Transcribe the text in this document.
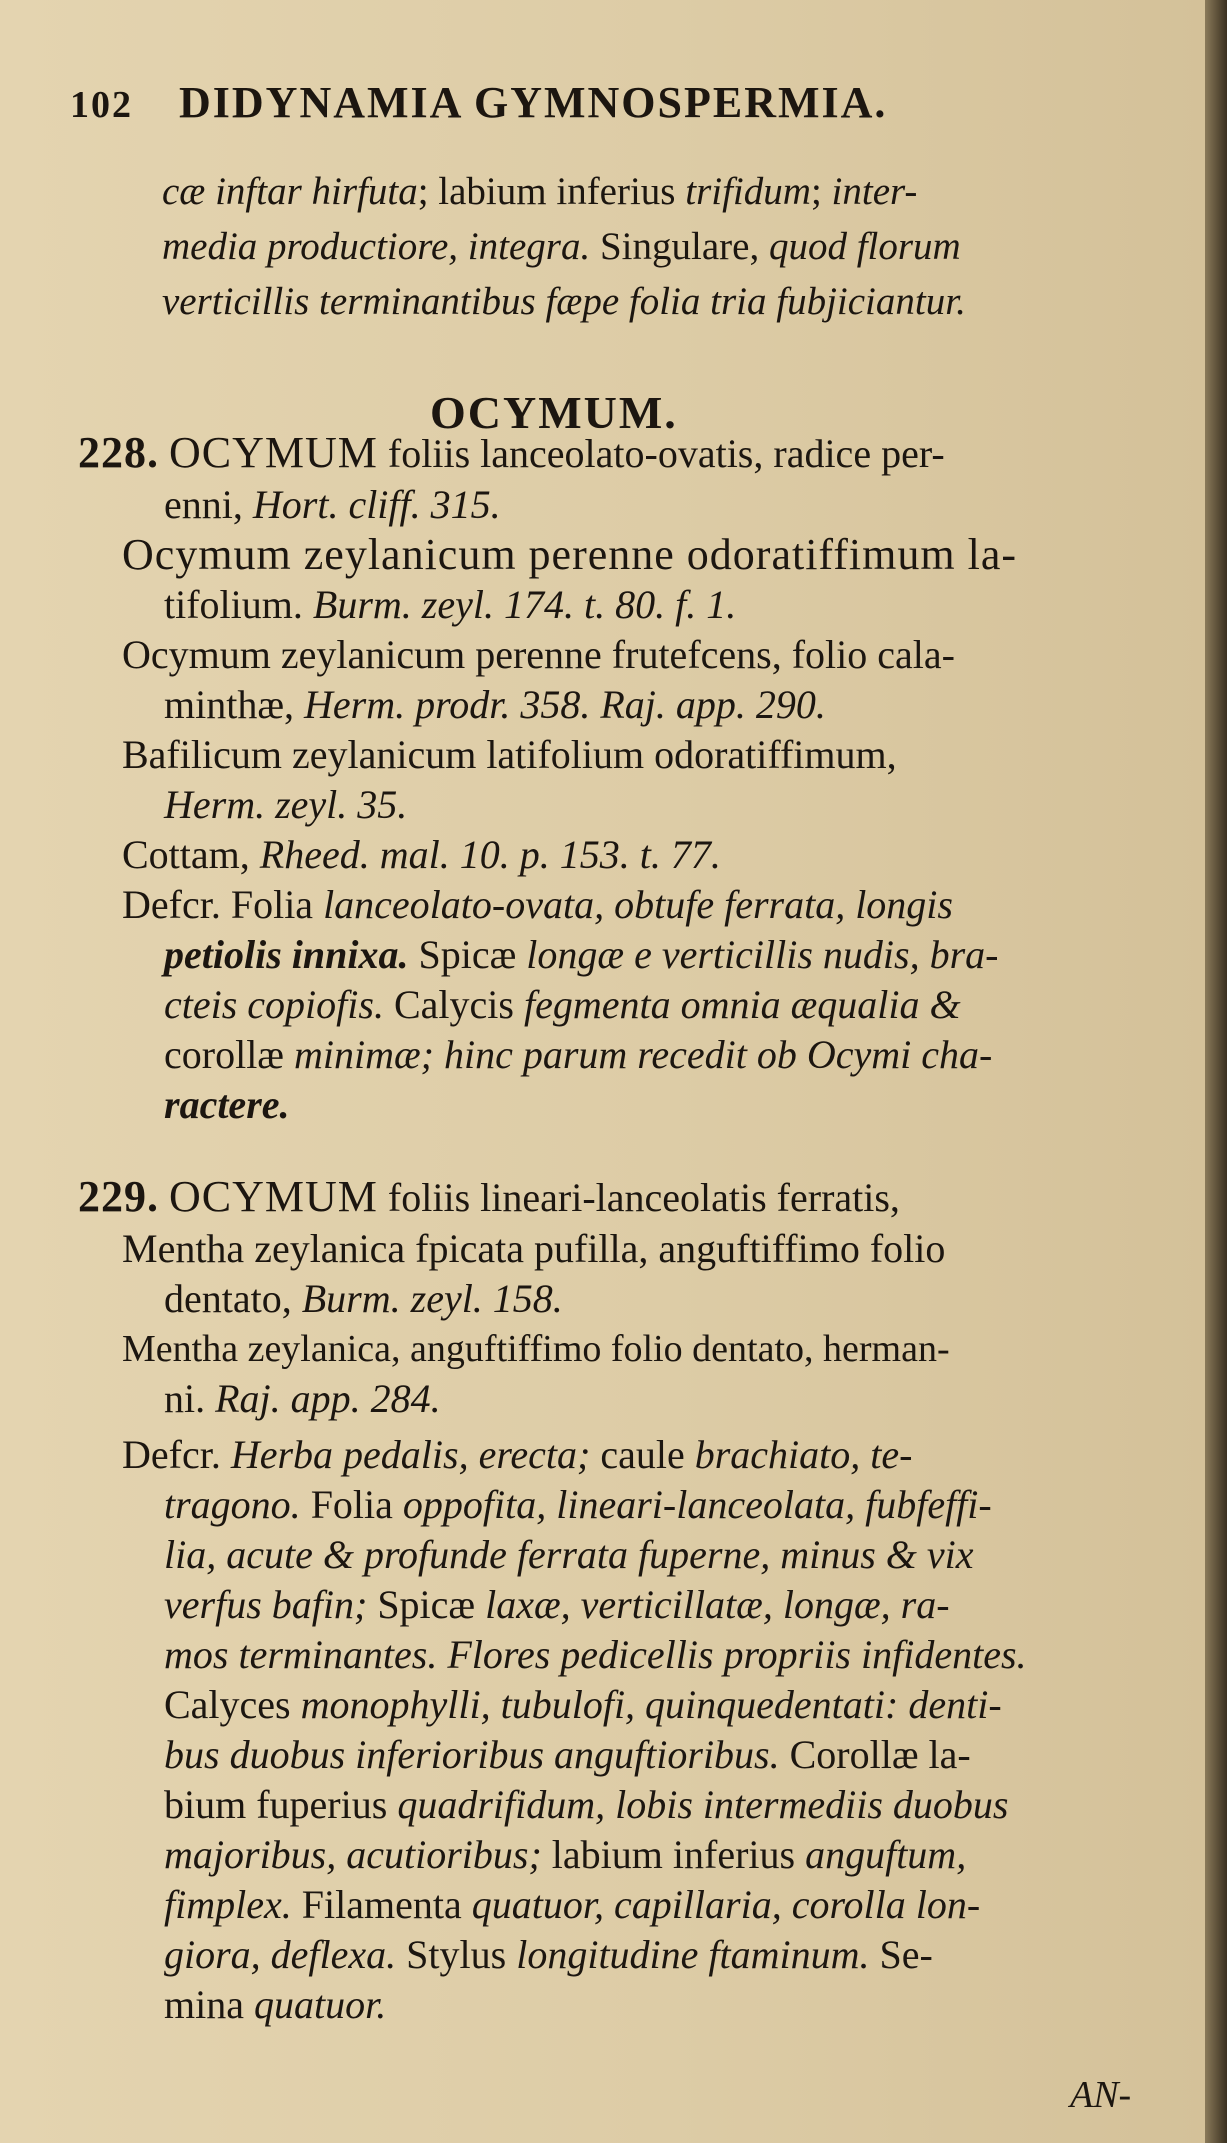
102 DIDYNAMIA GYMNOSPERMIA.
cæ inftar hirfuta; labium inferius trifidum; inter-
media productiore, integra. Singulare, quod florum
verticillis terminantibus fæpe folia tria fubjiciantur.
OCYMUM.
228. OCYMUM foliis lanceolato-ovatis, radice per-
enni, Hort. cliff. 315.
Ocymum zeylanicum perenne odoratiffimum la-
tifolium. Burm. zeyl. 174. t. 80. f. 1.
Ocymum zeylanicum perenne frutefcens, folio cala-
minthæ, Herm. prodr. 358. Raj. app. 290.
Bafilicum zeylanicum latifolium odoratiffimum,
Herm. zeyl. 35.
Cottam, Rheed. mal. 10. p. 153. t. 77.
Defcr. Folia lanceolato-ovata, obtufe ferrata, longis
petiolis innixa. Spicæ longæ e verticillis nudis, bra-
cteis copiofis. Calycis fegmenta omnia æqualia &
corollæ minimæ; hinc parum recedit ob Ocymi cha-
ractere.
229. OCYMUM foliis lineari-lanceolatis ferratis,
Mentha zeylanica fpicata pufilla, anguftiffimo folio
dentato, Burm. zeyl. 158.
Mentha zeylanica, anguftiffimo folio dentato, herman-
ni. Raj. app. 284.
Defcr. Herba pedalis, erecta; caule brachiato, te-
tragono. Folia oppofita, lineari-lanceolata, fubfeffi-
lia, acute & profunde ferrata fuperne, minus & vix
verfus bafin; Spicæ laxæ, verticillatæ, longæ, ra-
mos terminantes. Flores pedicellis propriis infidentes.
Calyces monophylli, tubulofi, quinquedentati: denti-
bus duobus inferioribus anguftioribus. Corollæ la-
bium fuperius quadrifidum, lobis intermediis duobus
majoribus, acutioribus; labium inferius anguftum,
fimplex. Filamenta quatuor, capillaria, corolla lon-
giora, deflexa. Stylus longitudine ftaminum. Se-
mina quatuor.
AN-
